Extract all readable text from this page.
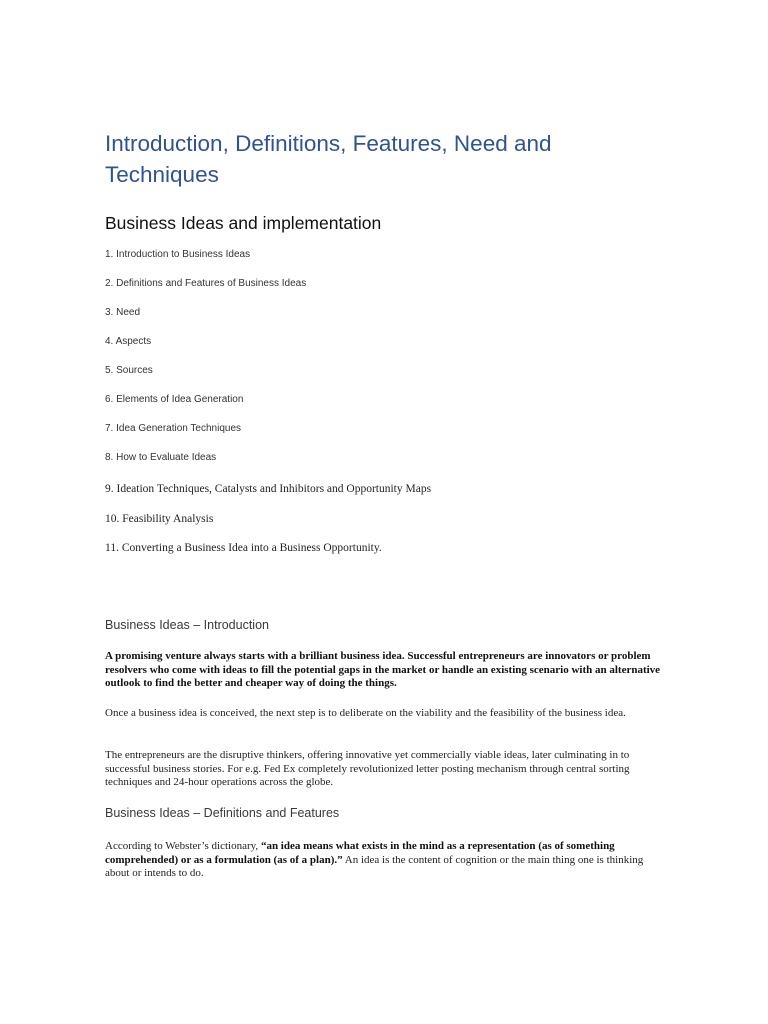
Introduction, Definitions, Features, Need and Techniques
Business Ideas and implementation
1. Introduction to Business Ideas
2. Definitions and Features of Business Ideas
3. Need
4. Aspects
5. Sources
6. Elements of Idea Generation
7. Idea Generation Techniques
8. How to Evaluate Ideas
9. Ideation Techniques, Catalysts and Inhibitors and Opportunity Maps
10. Feasibility Analysis
11. Converting a Business Idea into a Business Opportunity.
Business Ideas – Introduction

A promising venture always starts with a brilliant business idea. Successful entrepreneurs are innovators or problem resolvers who come with ideas to fill the potential gaps in the market or handle an existing scenario with an alternative outlook to find the better and cheaper way of doing the things.

Once a business idea is conceived, the next step is to deliberate on the viability and the feasibility of the business idea.

The entrepreneurs are the disruptive thinkers, offering innovative yet commercially viable ideas, later culminating in to successful business stories. For e.g. Fed Ex completely revolutionized letter posting mechanism through central sorting techniques and 24-hour operations across the globe.

Business Ideas – Definitions and Features

According to Webster’s dictionary, “an idea means what exists in the mind as a representation (as of something comprehended) or as a formulation (as of a plan).” An idea is the content of cognition or the main thing one is thinking about or intends to do.
